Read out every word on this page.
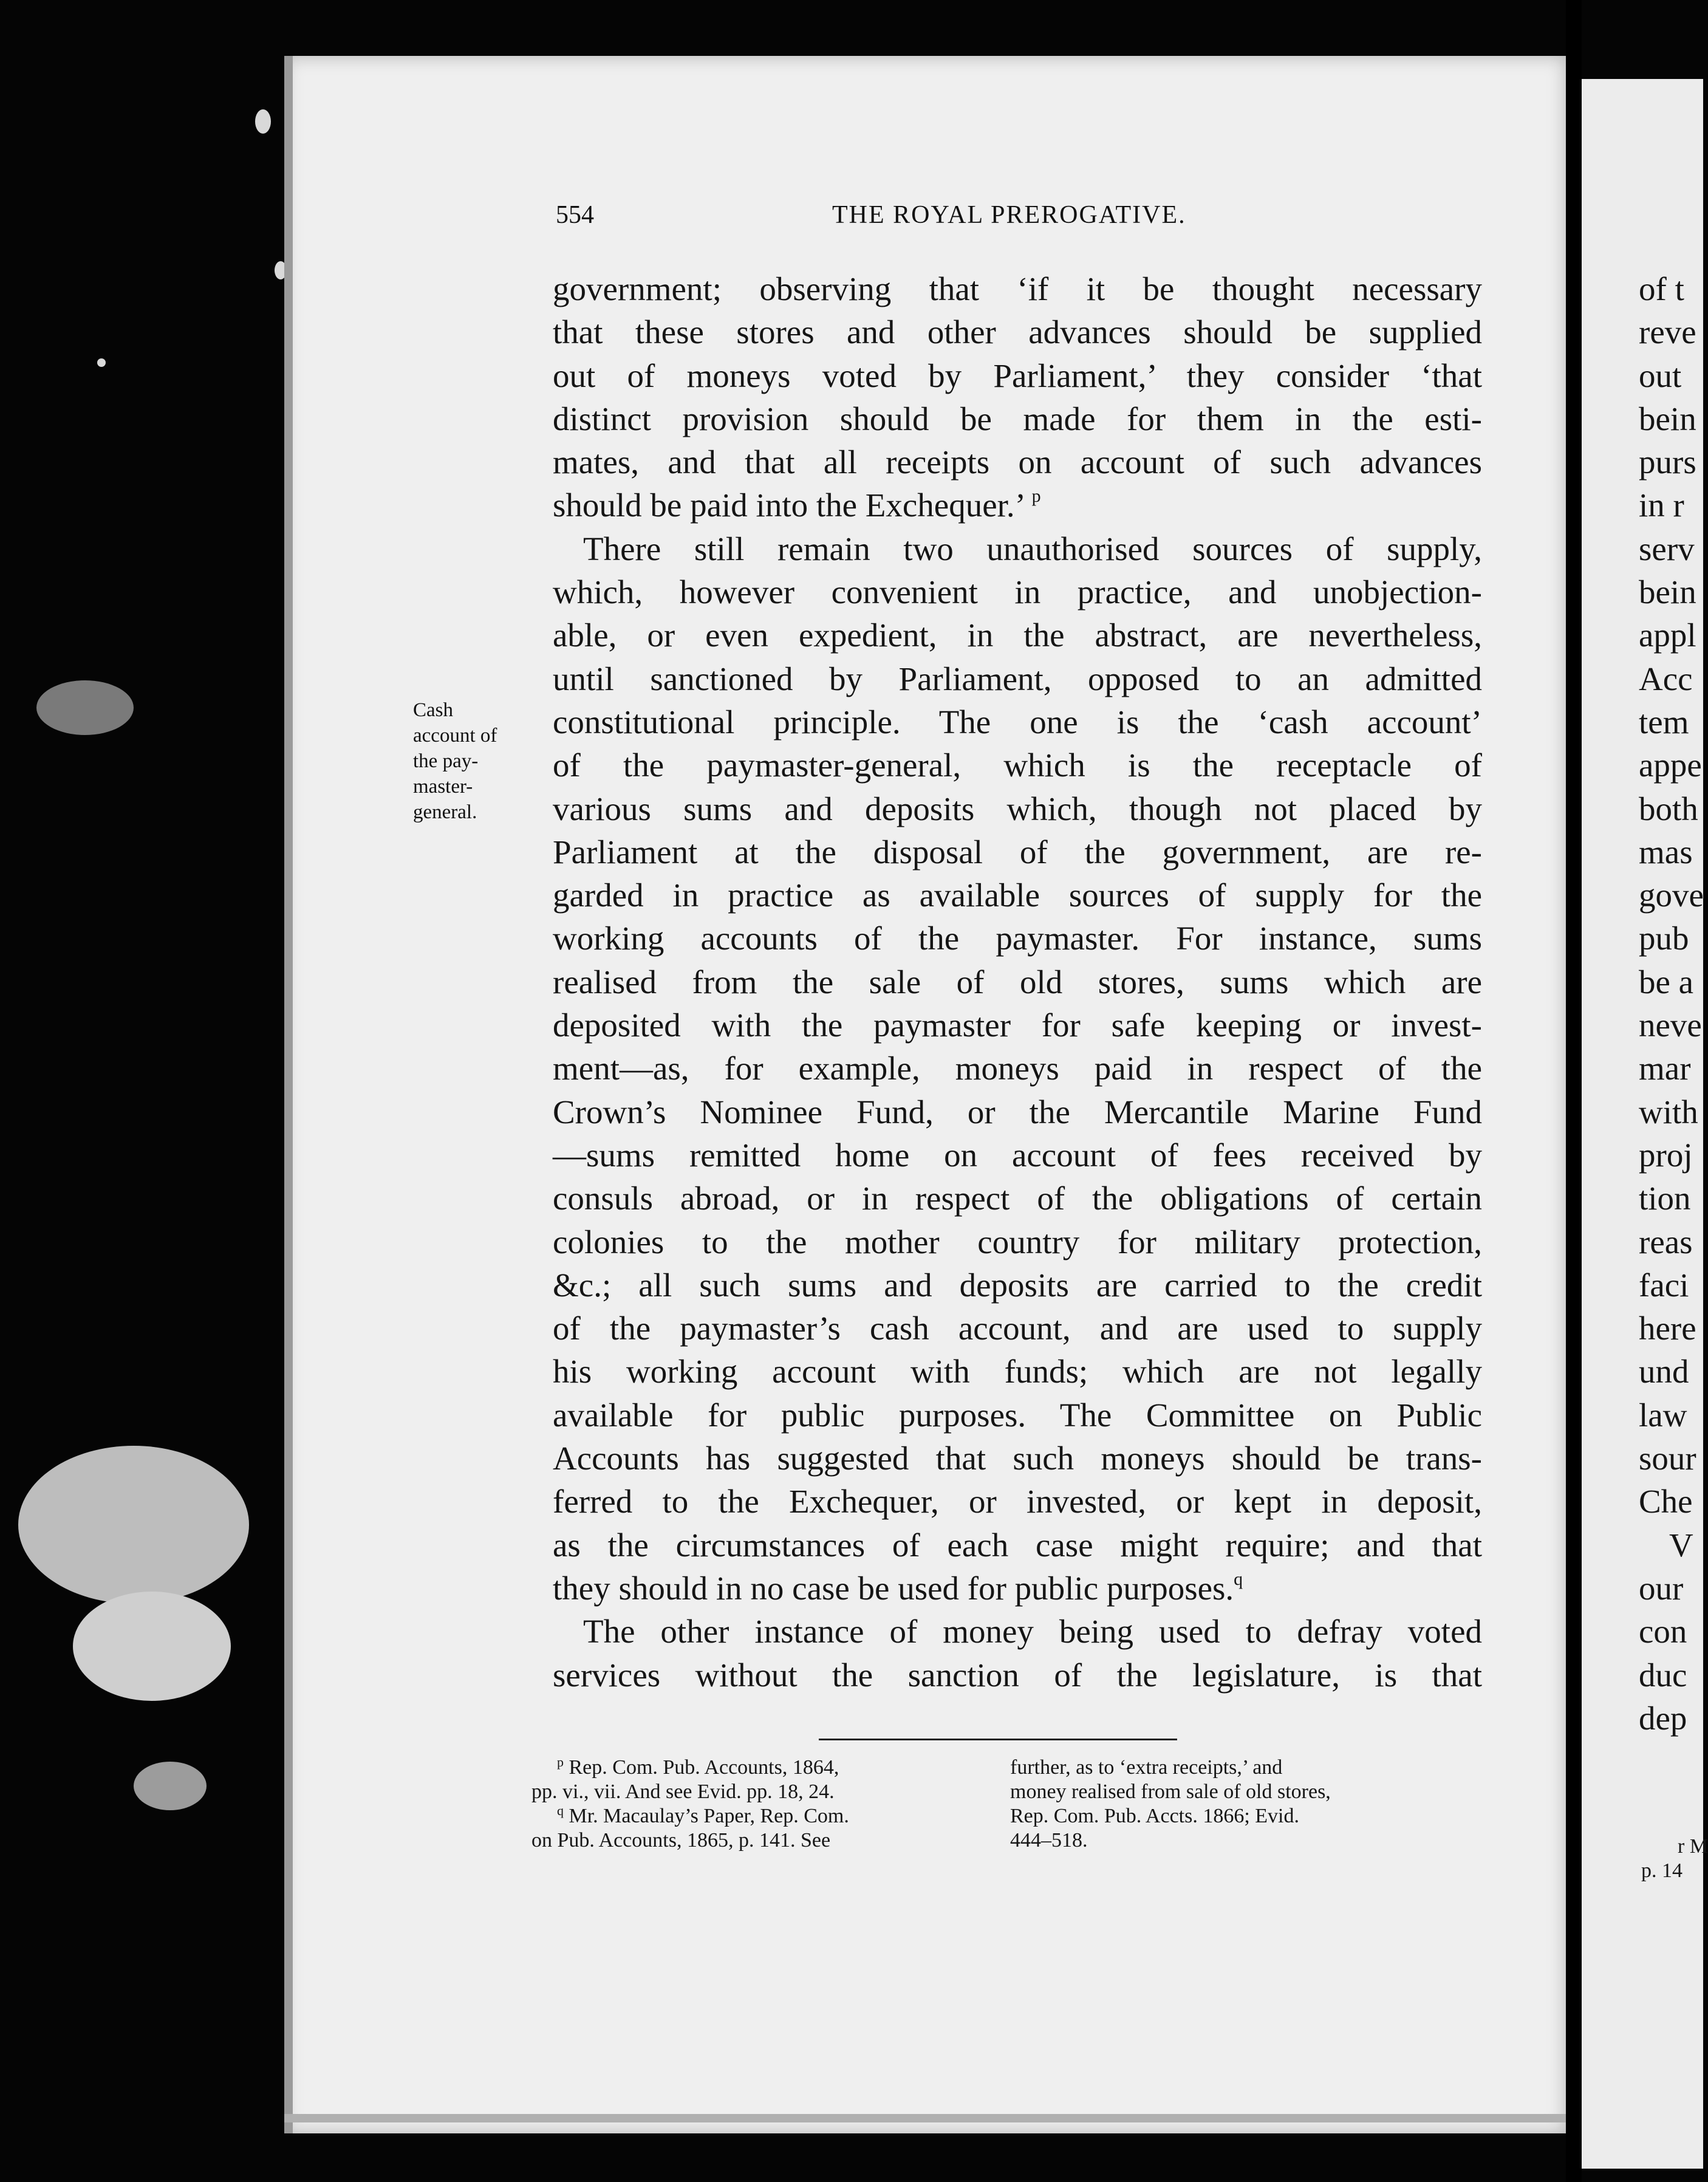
554	THE ROYAL PREROGATIVE.
Cash
account of
the pay-
master-
general.
government; observing that ‘if it be thought necessary
that these stores and other advances should be supplied
out of moneys voted by Parliament,’ they consider ‘that
distinct provision should be made for them in the esti-
mates, and that all receipts on account of such advances
should be paid into the Exchequer.’ $^p$
There still remain two unauthorised sources of supply,
which, however convenient in practice, and unobjection-
able, or even expedient, in the abstract, are nevertheless,
until sanctioned by Parliament, opposed to an admitted
constitutional principle. The one is the ‘cash account’
of the paymaster-general, which is the receptacle of
various sums and deposits which, though not placed by
Parliament at the disposal of the government, are re-
garded in practice as available sources of supply for the
working accounts of the paymaster. For instance, sums
realised from the sale of old stores, sums which are
deposited with the paymaster for safe keeping or invest-
ment—as, for example, moneys paid in respect of the
Crown’s Nominee Fund, or the Mercantile Marine Fund
—sums remitted home on account of fees received by
consuls abroad, or in respect of the obligations of certain
colonies to the mother country for military protection,
&c.; all such sums and deposits are carried to the credit
of the paymaster’s cash account, and are used to supply
his working account with funds; which are not legally
available for public purposes. The Committee on Public
Accounts has suggested that such moneys should be trans-
ferred to the Exchequer, or invested, or kept in deposit,
as the circumstances of each case might require; and that
they should in no case be used for public purposes.$^q$
The other instance of money being used to defray voted
services without the sanction of the legislature, is that
$^p$ Rep. Com. Pub. Accounts, 1864,
pp. vi., vii. And see Evid. pp. 18, 24.
$^q$ Mr. Macaulay’s Paper, Rep. Com.
on Pub. Accounts, 1865, p. 141. See
further, as to ‘extra receipts,’ and
money realised from sale of old stores,
Rep. Com. Pub. Accts. 1866; Evid.
444–518.
of t
reve
out
bein
purs
in r
serv
bein
appl
Acc
tem
appe
both
mas
gove
pub
be a
neve
mar
with
proj
tion
reas
faci
here
und
law
sour
Che
V
our
con
duc
dep
r M
p. 14
